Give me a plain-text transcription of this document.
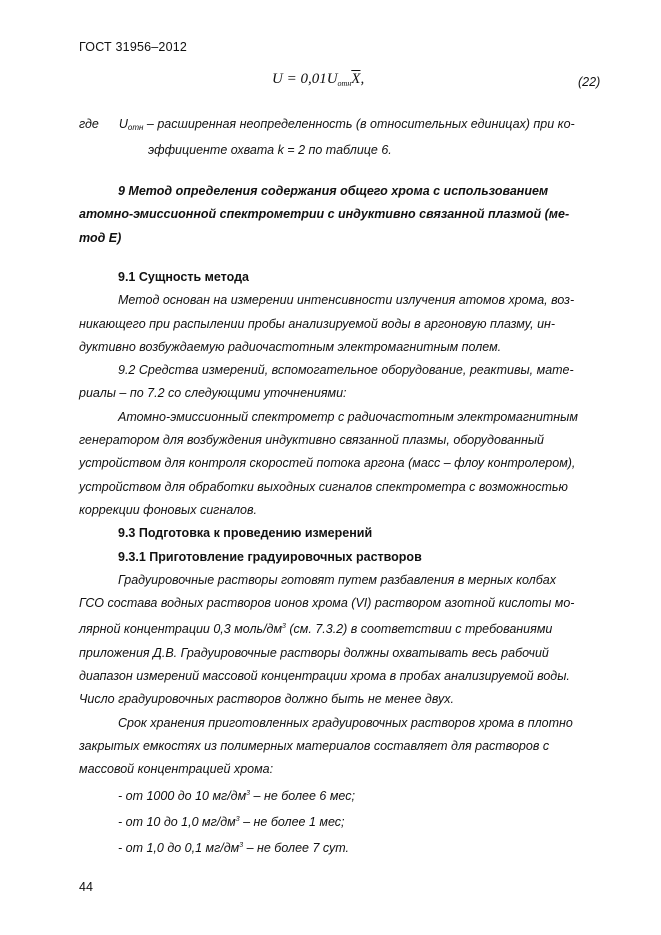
ГОСТ 31956–2012
$U = 0,01U_{отн}\overline{X}$,	(22)
где Uотн – расширенная неопределенность (в относительных единицах) при ко-
эффициенте охвата k = 2 по таблице 6.

9 Метод определения содержания общего хрома с использованием
атомно-эмиссионной спектрометрии с индуктивно связанной плазмой (ме-
тод Е)

9.1 Сущность метода
Метод основан на измерении интенсивности излучения атомов хрома, воз-
никающего при распылении пробы анализируемой воды в аргоновую плазму, ин-
дуктивно возбуждаемую радиочастотным электромагнитным полем.
9.2 Средства измерений, вспомогательное оборудование, реактивы, мате-
риалы – по 7.2 со следующими уточнениями:
Атомно-эмиссионный спектрометр с радиочастотным электромагнитным
генератором для возбуждения индуктивно связанной плазмы, оборудованный
устройством для контроля скоростей потока аргона (масс – флоу контролером),
устройством для обработки выходных сигналов спектрометра с возможностью
коррекции фоновых сигналов.
9.3 Подготовка к проведению измерений
9.3.1 Приготовление градуировочных растворов
Градуировочные растворы готовят путем разбавления в мерных колбах
ГСО состава водных растворов ионов хрома (VI) раствором азотной кислоты мо-
лярной концентрации 0,3 моль/$дм^3$ (см. 7.3.2) в соответствии с требованиями
приложения Д.В. Градуировочные растворы должны охватывать весь рабочий
диапазон измерений массовой концентрации хрома в пробах анализируемой воды.
Число градуировочных растворов должно быть не менее двух.
Срок хранения приготовленных градуировочных растворов хрома в плотно
закрытых емкостях из полимерных материалов составляет для растворов с
массовой концентрацией хрома:
- от 1000 до 10 $мг/дм^3$ – не более 6 мес;
- от 10 до 1,0 $мг/дм^3$ – не более 1 мес;
- от 1,0 до 0,1 $мг/дм^3$ – не более 7 сут.
44
